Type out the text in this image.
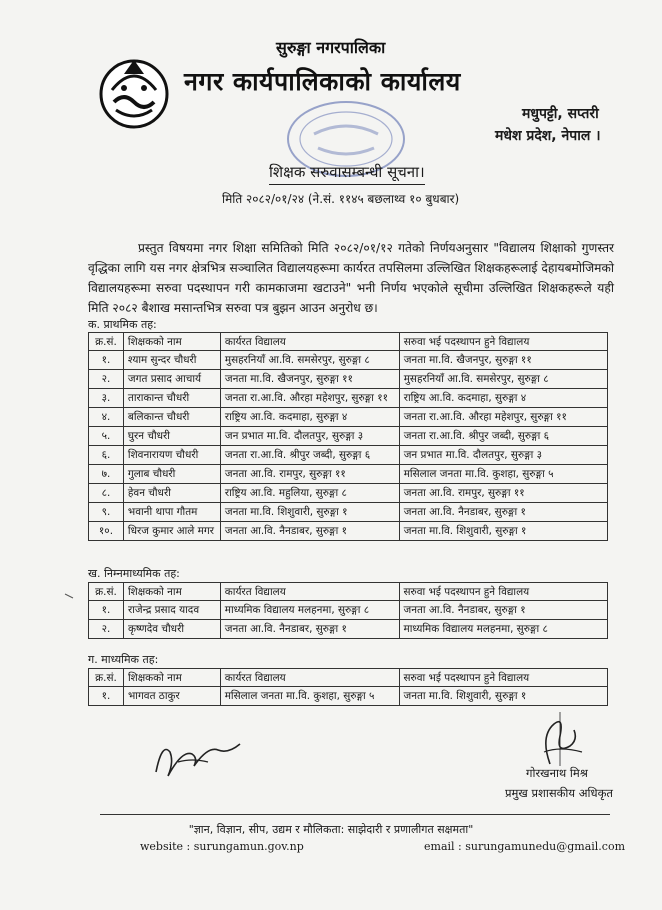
सुरुङ्गा नगरपालिका
नगर कार्यपालिकाको कार्यालय
मधुपट्टी, सप्तरी
मधेश प्रदेश, नेपाल ।
शिक्षक सरुवासम्बन्धी सूचना।
मिति २०८२/०१/२४ (ने.सं. ११४५ बछलाथ्व १० बुधबार)

प्रस्तुत विषयमा नगर शिक्षा समितिको मिति २०८२/०१/१२ गतेको निर्णयअनुसार "विद्यालय शिक्षाको गुणस्तर वृद्धिका लागि यस नगर क्षेत्रभित्र सञ्चालित विद्यालयहरूमा कार्यरत तपसिलमा उल्लिखित शिक्षकहरूलाई देहायबमोजिमको विद्यालयहरूमा सरुवा पदस्थापन गरी कामकाजमा खटाउने" भनी निर्णय भएकोले सूचीमा उल्लिखित शिक्षकहरूले यही मिति २०८२ बैशाख मसान्तभित्र सरुवा पत्र बुझन आउन अनुरोध छ।

क. प्राथमिक तह:
क्र.सं.	शिक्षकको नाम	कार्यरत विद्यालय	सरुवा भई पदस्थापन हुने विद्यालय
१.	श्याम सुन्दर चौधरी	मुसहरनियाँ आ.वि. समसेरपुर, सुरुङ्गा ८	जनता मा.वि. खैजनपुर, सुरुङ्गा ११
२.	जगत प्रसाद आचार्य	जनता मा.वि. खैजनपुर, सुरुङ्गा ११	मुसहरनियाँ आ.वि. समसेरपुर, सुरुङ्गा ८
३.	ताराकान्त चौधरी	जनता रा.आ.वि. औरहा महेशपुर, सुरुङ्गा ११	राष्ट्रिय आ.वि. कदमाहा, सुरुङ्गा ४
४.	बलिकान्त चौधरी	राष्ट्रिय आ.वि. कदमाहा, सुरुङ्गा ४	जनता रा.आ.वि. औरहा महेशपुर, सुरुङ्गा ११
५.	घुरन चौधरी	जन प्रभात मा.वि. दौलतपुर, सुरुङ्गा ३	जनता रा.आ.वि. श्रीपुर जब्दी, सुरुङ्गा ६
६.	शिवनारायण चौधरी	जनता रा.आ.वि. श्रीपुर जब्दी, सुरुङ्गा ६	जन प्रभात मा.वि. दौलतपुर, सुरुङ्गा ३
७.	गुलाब चौधरी	जनता आ.वि. रामपुर, सुरुङ्गा ११	मसिलाल जनता मा.वि. कुशहा, सुरुङ्गा ५
८.	हेवन चौधरी	राष्ट्रिय आ.वि. महुलिया, सुरुङ्गा ८	जनता आ.वि. रामपुर, सुरुङ्गा ११
९.	भवानी थापा गौतम	जनता मा.वि. शिशुवारी, सुरुङ्गा १	जनता आ.वि. नैनडाबर, सुरुङ्गा १
१०.	धिरज कुमार आले मगर	जनता आ.वि. नैनडाबर, सुरुङ्गा १	जनता मा.वि. शिशुवारी, सुरुङ्गा १
ख. निम्नमाध्यमिक तह:
क्र.सं.	शिक्षकको नाम	कार्यरत विद्यालय	सरुवा भई पदस्थापन हुने विद्यालय
१.	राजेन्द्र प्रसाद यादव	माध्यमिक विद्यालय मलहनमा, सुरुङ्गा ८	जनता आ.वि. नैनडाबर, सुरुङ्गा १
२.	कृष्णदेव चौधरी	जनता आ.वि. नैनडाबर, सुरुङ्गा १	माध्यमिक विद्यालय मलहनमा, सुरुङ्गा ८
ग. माध्यमिक तह:
क्र.सं.	शिक्षकको नाम	कार्यरत विद्यालय	सरुवा भई पदस्थापन हुने विद्यालय
१.	भागवत ठाकुर	मसिलाल जनता मा.वि. कुशहा, सुरुङ्गा ५	जनता मा.वि. शिशुवारी, सुरुङ्गा १
गोरखनाथ मिश्र
प्रमुख प्रशासकीय अधिकृत
"ज्ञान, विज्ञान, सीप, उद्यम र मौलिकता: साझेदारी र प्रणालीगत सक्षमता"
website : surungamun.gov.np	email : surungamunedu@gmail.com
